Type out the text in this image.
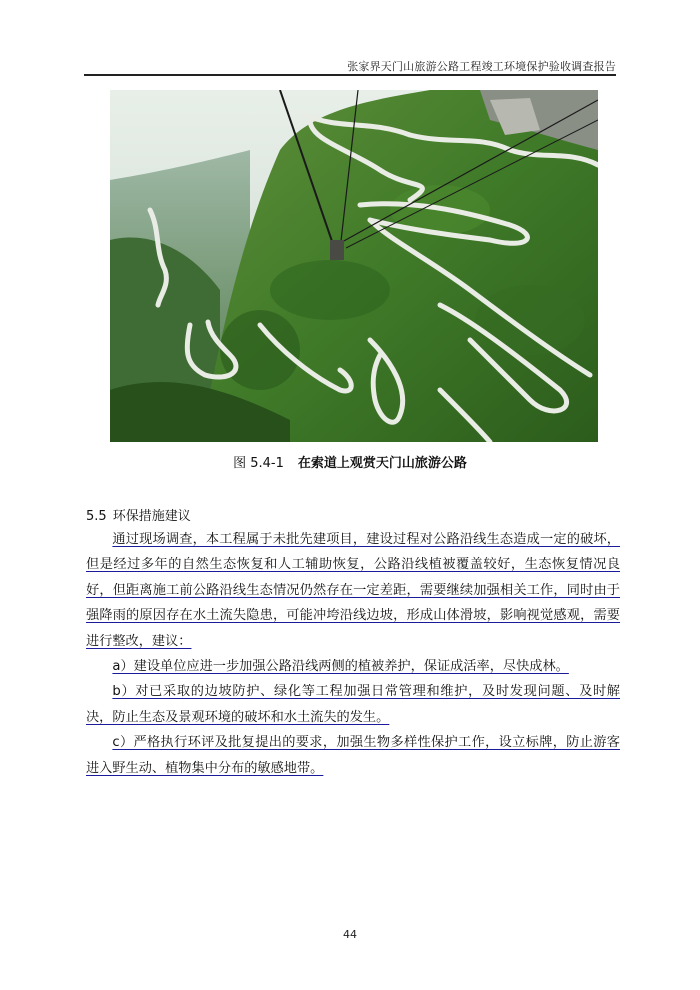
张家界天门山旅游公路工程竣工环境保护验收调查报告
图 5.4-1 在索道上观赏天门山旅游公路
5.5 环保措施建议

通过现场调查，本工程属于未批先建项目，建设过程对公路沿线生态造成一定的破坏，但是经过多年的自然生态恢复和人工辅助恢复，公路沿线植被覆盖较好，生态恢复情况良好，但距离施工前公路沿线生态情况仍然存在一定差距，需要继续加强相关工作，同时由于强降雨的原因存在水土流失隐患，可能冲垮沿线边坡，形成山体滑坡，影响视觉感观，需要进行整改，建议：

a）建设单位应进一步加强公路沿线两侧的植被养护，保证成活率，尽快成林。

b）对已采取的边坡防护、绿化等工程加强日常管理和维护，及时发现问题、及时解决，防止生态及景观环境的破坏和水土流失的发生。

c）严格执行环评及批复提出的要求，加强生物多样性保护工作，设立标牌，防止游客进入野生动、植物集中分布的敏感地带。

44
